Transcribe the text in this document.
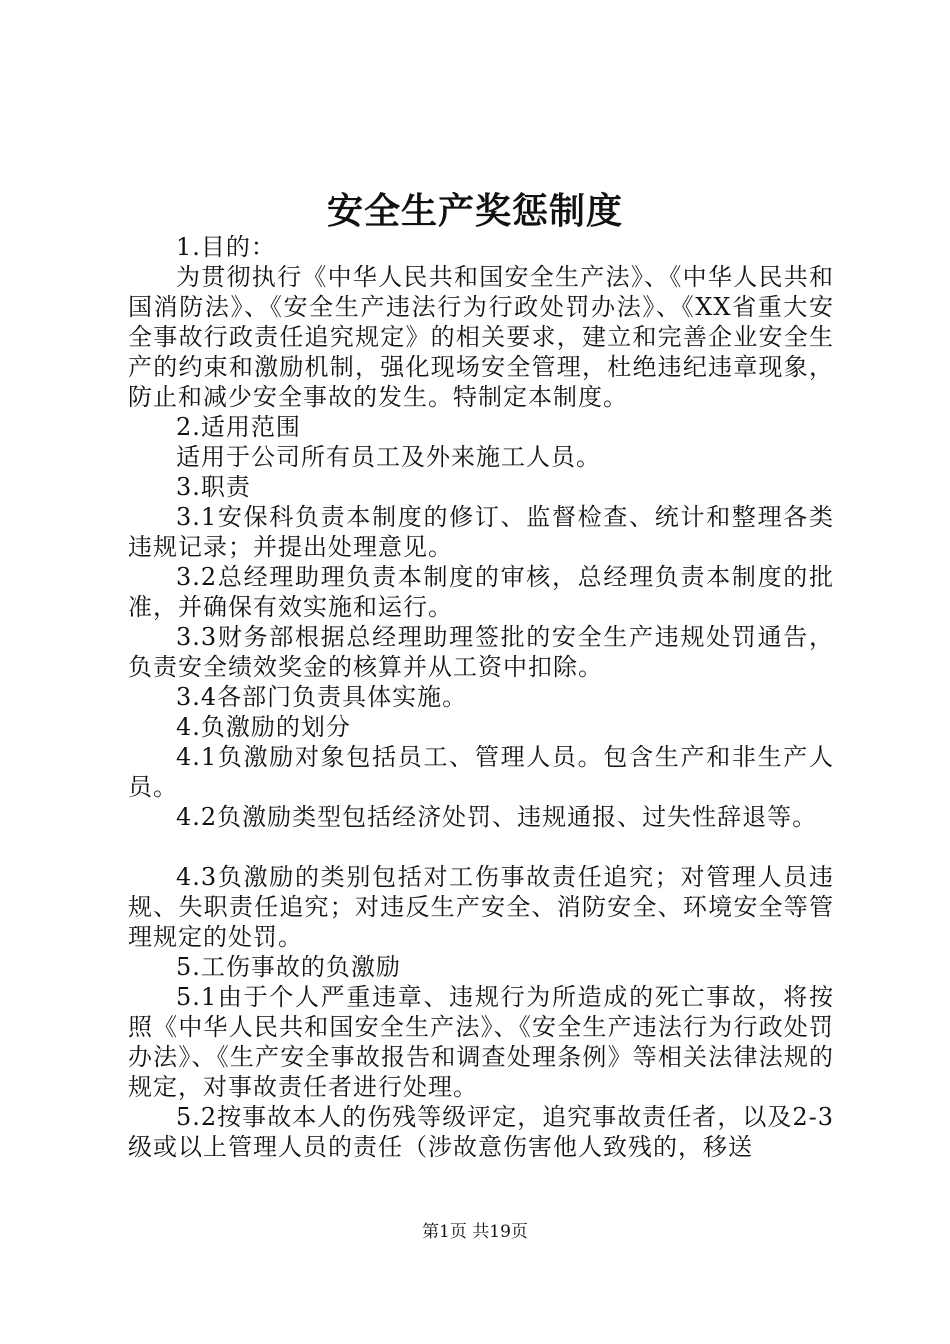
安全生产奖惩制度

1.目的：

为贯彻执行《中华人民共和国安全生产法》、《中华人民共和国消防法》、《安全生产违法行为行政处罚办法》、《XX省重大安全事故行政责任追究规定》的相关要求，建立和完善企业安全生产的约束和激励机制，强化现场安全管理，杜绝违纪违章现象，防止和减少安全事故的发生。特制定本制度。

2.适用范围

适用于公司所有员工及外来施工人员。

3.职责

3.1安保科负责本制度的修订、监督检查、统计和整理各类违规记录；并提出处理意见。

3.2总经理助理负责本制度的审核，总经理负责本制度的批准，并确保有效实施和运行。

3.3财务部根据总经理助理签批的安全生产违规处罚通告，负责安全绩效奖金的核算并从工资中扣除。

3.4各部门负责具体实施。

4.负激励的划分

4.1负激励对象包括员工、管理人员。包含生产和非生产人员。

4.2负激励类型包括经济处罚、违规通报、过失性辞退等。

4.3负激励的类别包括对工伤事故责任追究；对管理人员违规、失职责任追究；对违反生产安全、消防安全、环境安全等管理规定的处罚。

5.工伤事故的负激励

5.1由于个人严重违章、违规行为所造成的死亡事故，将按照《中华人民共和国安全生产法》、《安全生产违法行为行政处罚办法》、《生产安全事故报告和调查处理条例》等相关法律法规的规定，对事故责任者进行处理。

5.2按事故本人的伤残等级评定，追究事故责任者，以及2-3级或以上管理人员的责任（涉故意伤害他人致残的，移送

第1页 共19页
